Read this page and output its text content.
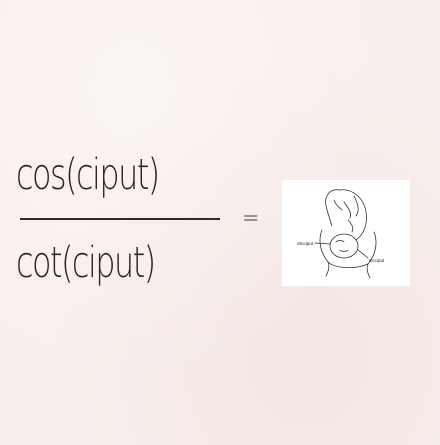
cos(ciput)
cot(ciput)
=
Sinciput
Occiput
